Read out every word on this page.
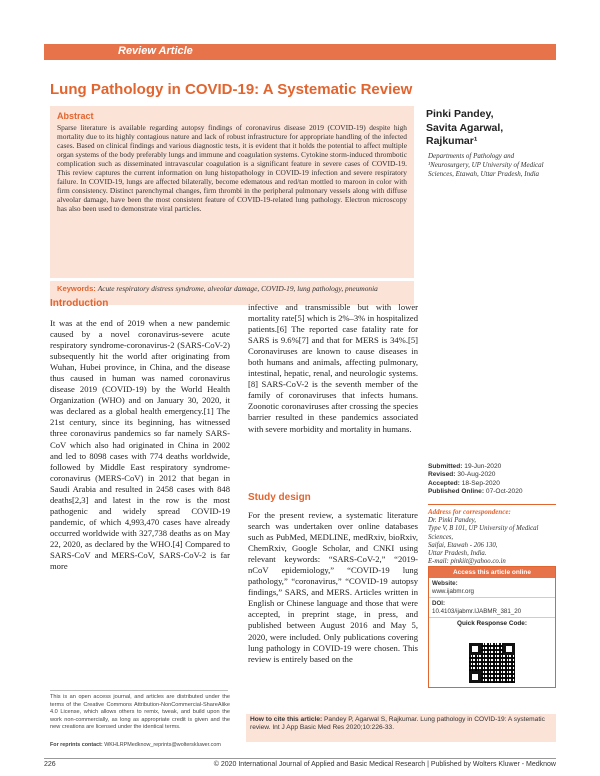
Review Article
Lung Pathology in COVID-19: A Systematic Review
Abstract

Sparse literature is available regarding autopsy findings of coronavirus disease 2019 (COVID-19) despite high mortality due to its highly contagious nature and lack of robust infrastructure for appropriate handling of the infected cases. Based on clinical findings and various diagnostic tests, it is evident that it holds the potential to affect multiple organ systems of the body preferably lungs and immune and coagulation systems. Cytokine storm-induced thrombotic complication such as disseminated intravascular coagulation is a significant feature in severe cases of COVID-19. This review captures the current information on lung histopathology in COVID-19 infection and severe respiratory failure. In COVID-19, lungs are affected bilaterally, become edematous and red/tan mottled to maroon in color with firm consistency. Distinct parenchymal changes, firm thrombi in the peripheral pulmonary vessels along with diffuse alveolar damage, have been the most consistent feature of COVID-19-related lung pathology. Electron microscopy has also been used to demonstrate viral particles.

Keywords: Acute respiratory distress syndrome, alveolar damage, COVID-19, lung pathology, pneumonia
Pinki Pandey,
Savita Agarwal,
Rajkumar¹
Departments of Pathology and ¹Neurosurgery, UP University of Medical Sciences, Etawah, Uttar Pradesh, India
Introduction
It was at the end of 2019 when a new pandemic caused by a novel coronavirus-severe acute respiratory syndrome-coronavirus-2 (SARS-CoV-2) subsequently hit the world after originating from Wuhan, Hubei province, in China, and the disease thus caused in human was named coronavirus disease 2019 (COVID-19) by the World Health Organization (WHO) and on January 30, 2020, it was declared as a global health emergency.[1] The 21st century, since its beginning, has witnessed three coronavirus pandemics so far namely SARS-CoV which also had originated in China in 2002 and led to 8098 cases with 774 deaths worldwide, followed by Middle East respiratory syndrome-coronavirus (MERS-CoV) in 2012 that began in Saudi Arabia and resulted in 2458 cases with 848 deaths[2,3] and latest in the row is the most pathogenic and widely spread COVID-19 pandemic, of which 4,993,470 cases have already occurred worldwide with 327,738 deaths as on May 22, 2020, as declared by the WHO.[4] Compared to SARS-CoV and MERS-CoV, SARS-CoV-2 is far more
infective and transmissible but with lower mortality rate[5] which is 2%–3% in hospitalized patients.[6] The reported case fatality rate for SARS is 9.6%[7] and that for MERS is 34%.[5] Coronaviruses are known to cause diseases in both humans and animals, affecting pulmonary, intestinal, hepatic, renal, and neurologic systems.[8] SARS-CoV-2 is the seventh member of the family of coronaviruses that infects humans. Zoonotic coronaviruses after crossing the species barrier resulted in these pandemics associated with severe morbidity and mortality in humans.
Study design
For the present review, a systematic literature search was undertaken over online databases such as PubMed, MEDLINE, medRxiv, bioRxiv, ChemRxiv, Google Scholar, and CNKI using relevant keywords: “SARS-CoV-2,” “2019-nCoV epidemiology,” “COVID-19 lung pathology,” “coronavirus,” “COVID-19 autopsy findings,” SARS, and MERS. Articles written in English or Chinese language and those that were accepted, in preprint stage, in press, and published between August 2016 and May 5, 2020, were included. Only publications covering lung pathology in COVID-19 were chosen. This review is entirely based on the
Submitted: 19-Jun-2020
Revised: 30-Aug-2020
Accepted: 18-Sep-2020
Published Online: 07-Oct-2020
Address for correspondence:
Dr. Pinki Pandey,
Type V, B 101, UP University of Medical Sciences,
Saifai, Etawah - 206 130,
Uttar Pradesh, India.
E-mail: pinkiit@yahoo.co.in
Access this article online
Website:
www.ijabmr.org
DOI:
10.4103/ijabmr.IJABMR_381_20
Quick Response Code:
This is an open access journal, and articles are distributed under the terms of the Creative Commons Attribution-NonCommercial-ShareAlike 4.0 License, which allows others to remix, tweak, and build upon the work non-commercially, as long as appropriate credit is given and the new creations are licensed under the identical terms.
For reprints contact: WKHLRPMedknow_reprints@wolterskluwer.com
How to cite this article: Pandey P, Agarwal S, Rajkumar. Lung pathology in COVID-19: A systematic review. Int J App Basic Med Res 2020;10:226-33.
226	© 2020 International Journal of Applied and Basic Medical Research | Published by Wolters Kluwer - Medknow
